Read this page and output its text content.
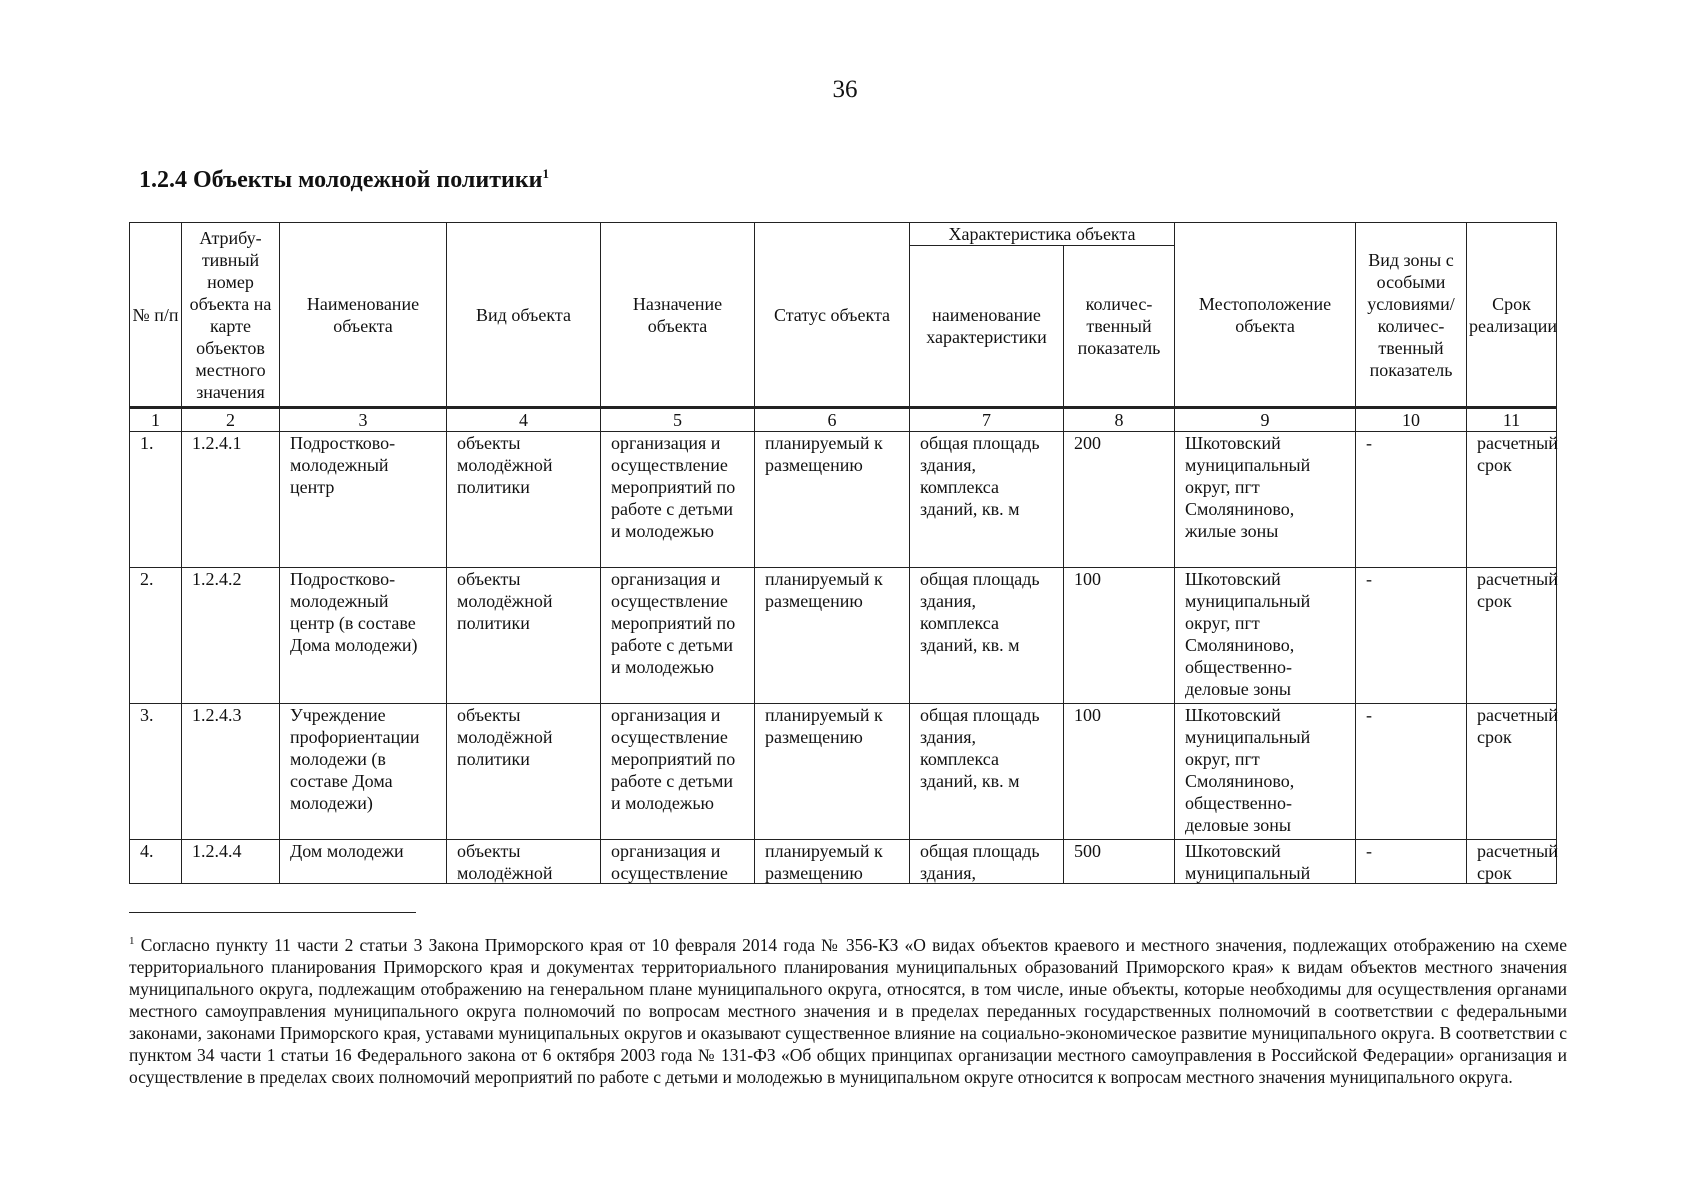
36
1.2.4 Объекты молодежной политики$^1$
№ п/п	Атрибу-тивный номер объекта на карте объектов местного значения	Наименование объекта	Вид объекта	Назначение объекта	Статус объекта	Характеристика объекта		Местоположение объекта	Вид зоны с особыми условиями/ количес-твенный показатель	Срок реализации
						наименование характеристики	количес-твенный показатель			
1	2	3	4	5	6	7	8	9	10	11
1.	1.2.4.1	Подростково-молодежный центр	объекты молодёжной политики	организация и осуществление мероприятий по работе с детьми и молодежью	планируемый к размещению	общая площадь здания, комплекса зданий, кв. м	200	Шкотовский муниципальный округ, пгт Смоляниново, жилые зоны	-	расчетный срок
2.	1.2.4.2	Подростково-молодежный центр (в составе Дома молодежи)	объекты молодёжной политики	организация и осуществление мероприятий по работе с детьми и молодежью	планируемый к размещению	общая площадь здания, комплекса зданий, кв. м	100	Шкотовский муниципальный округ, пгт Смоляниново, общественно-деловые зоны	-	расчетный срок
3.	1.2.4.3	Учреждение профориентации молодежи (в составе Дома молодежи)	объекты молодёжной политики	организация и осуществление мероприятий по работе с детьми и молодежью	планируемый к размещению	общая площадь здания, комплекса зданий, кв. м	100	Шкотовский муниципальный округ, пгт Смоляниново, общественно-деловые зоны	-	расчетный срок

4.	1.2.4.4	Дом молодежи	объекты молодёжной	организация и осуществление	планируемый к размещению	общая площадь здания,	500	Шкотовский муниципальный	-	расчетный срок
$^1$ Согласно пункту 11 части 2 статьи 3 Закона Приморского края от 10 февраля 2014 года № 356-КЗ «О видах объектов краевого и местного значения, подлежащих отображению на схеме территориального планирования Приморского края и документах территориального планирования муниципальных образований Приморского края» к видам объектов местного значения муниципального округа, подлежащим отображению на генеральном плане муниципального округа, относятся, в том числе, иные объекты, которые необходимы для осуществления органами местного самоуправления муниципального округа полномочий по вопросам местного значения и в пределах переданных государственных полномочий в соответствии с федеральными законами, законами Приморского края, уставами муниципальных округов и оказывают существенное влияние на социально-экономическое развитие муниципального округа. В соответствии с пунктом 34 части 1 статьи 16 Федерального закона от 6 октября 2003 года № 131-ФЗ «Об общих принципах организации местного самоуправления в Российской Федерации» организация и осуществление в пределах своих полномочий мероприятий по работе с детьми и молодежью в муниципальном округе относится к вопросам местного значения муниципального округа.
